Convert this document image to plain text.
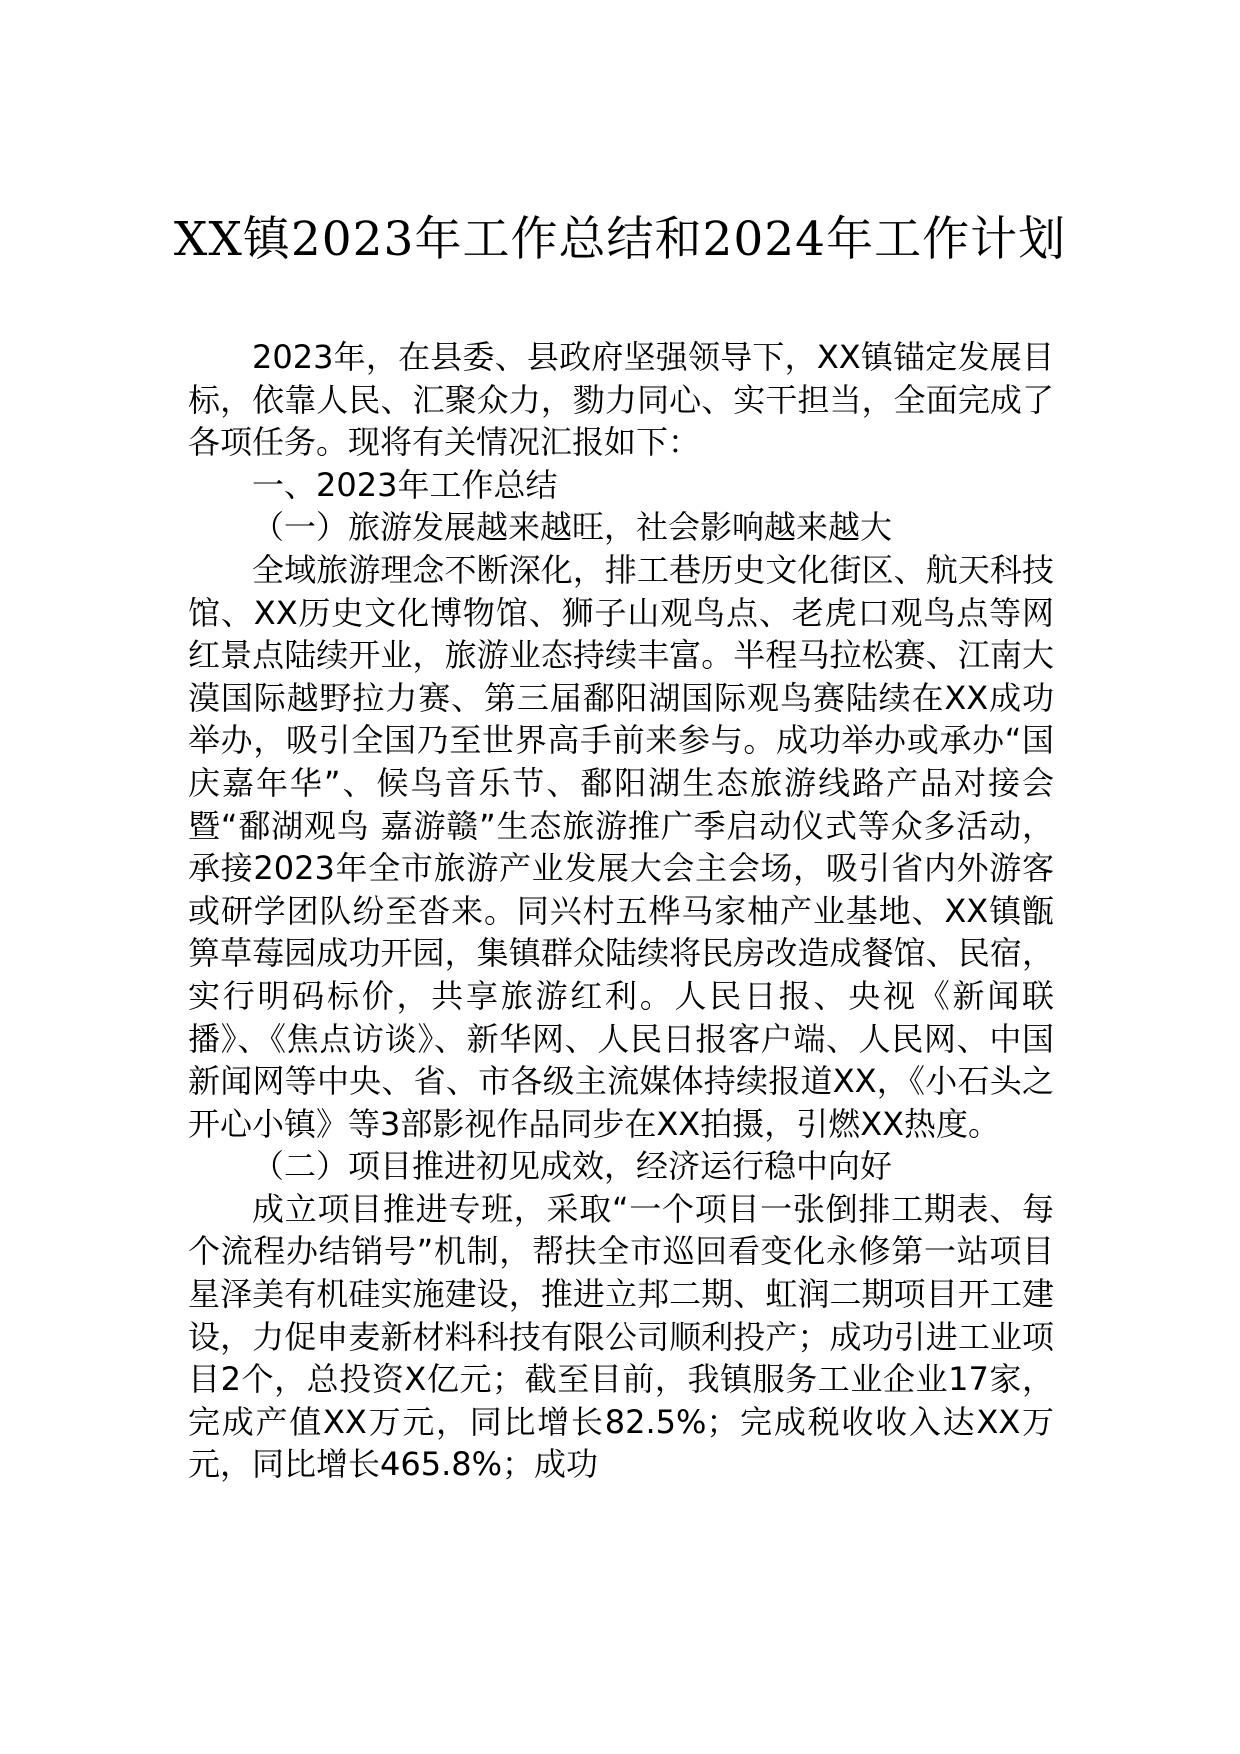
XX镇2023年工作总结和2024年工作计划

2023年，在县委、县政府坚强领导下，XX镇锚定发展目标，依靠人民、汇聚众力，勠力同心、实干担当，全面完成了各项任务。现将有关情况汇报如下：

一、2023年工作总结

（一）旅游发展越来越旺，社会影响越来越大

全域旅游理念不断深化，排工巷历史文化街区、航天科技馆、XX历史文化博物馆、狮子山观鸟点、老虎口观鸟点等网红景点陆续开业，旅游业态持续丰富。半程马拉松赛、江南大漠国际越野拉力赛、第三届鄱阳湖国际观鸟赛陆续在XX成功举办，吸引全国乃至世界高手前来参与。成功举办或承办“国庆嘉年华”、候鸟音乐节、鄱阳湖生态旅游线路产品对接会暨“鄱湖观鸟 嘉游赣”生态旅游推广季启动仪式等众多活动，承接2023年全市旅游产业发展大会主会场，吸引省内外游客或研学团队纷至沓来。同兴村五桦马家柚产业基地、XX镇甑箅草莓园成功开园，集镇群众陆续将民房改造成餐馆、民宿，实行明码标价，共享旅游红利。人民日报、央视《新闻联播》、《焦点访谈》、新华网、人民日报客户端、人民网、中国新闻网等中央、省、市各级主流媒体持续报道XX，《小石头之开心小镇》等3部影视作品同步在XX拍摄，引燃XX热度。

（二）项目推进初见成效，经济运行稳中向好

成立项目推进专班，采取“一个项目一张倒排工期表、每个流程办结销号”机制，帮扶全市巡回看变化永修第一站项目星泽美有机硅实施建设，推进立邦二期、虹润二期项目开工建设，力促申麦新材料科技有限公司顺利投产；成功引进工业项目2个，总投资X亿元；截至目前，我镇服务工业企业17家，完成产值XX万元，同比增长82.5%；完成税收收入达XX万元，同比增长465.8%；成功
